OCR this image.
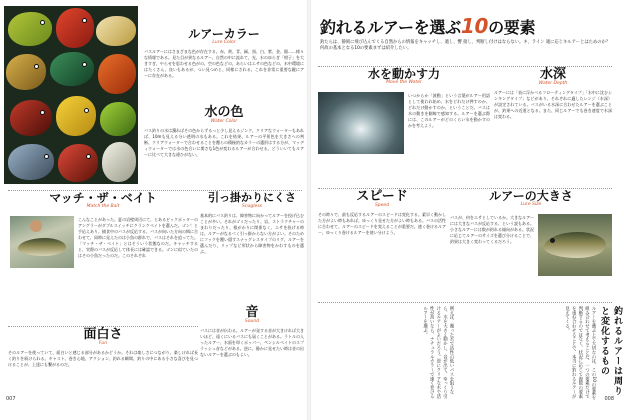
ルアーカラー
Lure Color
バスルアーにはさまざまな色が存在する。赤、黄、青、緑、黒、白、紫、金、銀……様々な情報である。見た目が異なるルアー、自然の中に流れて、光、水のゆらぎ「紺子」を大きすぎ、やらせを思わせる色がの、空の色などの、あらいはエサの色などの、水中環境にはたくさん、良いもあるが、つい見つめと、同様にされる。これを非常に重要な鍵にアーに存在がある。
水の色
Water Color
バス釣りの水は濁ればその色からずるっと少し見えるジンク、クリアなウォーターもあれば、10mも見える分い透明の水もある。これを結果、ルアーの平景色を大きさへの判断、クリアウォーターで合わせることを覆らの積極的なカラーの選択はする方が、マッディウォーターでは水の色合いに関さな1色が変わるルアーが合わせる。どういいてもルアーに比べて大きな違ひがない。
マッチ・ザ・ベイト
Match the Bait
こんなことがあった。夏の岩壁周辺にて、とあるビックポッターのアングラーがダブルスイッチにクランクベイトを選んだ。ゴン！と手応えあり。捕食中のバスが反応する、バスが向いた方向の餌に合わせて、同時に見えたのは小魚の群れで、バスはそれを追ってた。「マッチ・ザ・ベイト」とはそういう状態なのだ。キャッチすると、実際のバスが反応して体長には確認できる。ゴンに似ていたのはその小魚だったのだ。このそれぞれ
引っ掛かりにくさ
Snagless
基本的にバス釣りは、障害物に向かってルアーを投げ込むことが多い。それがゴミだったり、岩、ストラクチャーのまわりだったり、根がかりに関係なく、エサを投げる時は、ルアーがなるべく引っ掛からない方がよい。そのためにフックを覆い隠すスナッグレスタイプのリグ、ルアーを選んだり、リップなど形状から障害物をかわすものを選ぶ。
面白さ
Fun
そのルアーを使っていて、面白いと感じる部分があるかどうか。それは楽しさにつながり、楽しければ長く釣りを続けられる。キャスト、巻き心地、アクション、釣れる瞬間、釣りの中にある小さな喜びを見つけることが、上達にも繋がるのだ。
音
Sound
バスには音が伝わる。ルアーが発する音が大きければ大きいほど、遠くにいるバスにも届くことがある。ラトルの入ったルアー、水面を叩くポッパー、ペンシルベイトのスプラッシュ音などがある。逆に、静かに見せたい時は音の出ないルアーを選ぶのもよい。
007
釣れるルアーを選ぶ10の要素
釣たらは、静岡に飛び込んでくる自然からの情報をキャッチし、適し、響 接し、判断し付けはならない。キ、ライン 適に応じキルアーとはためのか？ 何故の基本となる10の要素まずは紹介したい。
水を動かす力
Move the Water
いつからか「波動」という言葉がルアー用語として使われ始め、水をどれだけ押すのか、どれだけ動かすのか、ということだ。バスは水の動きを側線で感知する。ルアーを選ぶ際には、このルアーがどのくらい水を動かすのかを考えよう。
水深
Water Depth
ルアーには「表に浮かべるフローティングタイプ」「水中に沈むシンキングタイプ」などがあり、それぞれに適したレンジ（水深）が設定されている。バスがいる水深に合わせたルアーを選ぶことが、釣果への近道となる。また、同じルアーでも巻き速度で水深は変わる。
スピード
Speed
その時々で、最も反応するルアーのスピードは変化する。素早く動かした方がよい時もあれば、ゆっくり見せた方がよい時もある。バスの活性に合わせて、ルアーのスピードを変えることが重要だ。速く巻けるルアー、ゆっくり巻けるルアーを使い分けよう。
ルアーの大きさ
Lure Size
バスが、何をエサとしているか。大きなルアーには大きなバスが反応する、という説もある。小さなルアーには数が釣れる傾向がある。状況に応じてルアーのサイズを選び分けることで、釣果は大きく変わってくるだろう。
例えば、濁った水で活性の低いバスを狙うなら、水を大きく動かし、音が出て、ゆっくり引けるルアーがよいだろう。逆にクリアな水で活性が高いなら、ナチュラルカラーで速く巻けるルアーを選ぶ。	ルアーを選ぶ上で大切なのは、この10の要素を組み合わせて考えることだ。一つの要素だけで判断するのではなく、状況に応じて複数の要素を重ね合わせることで、本当に釣れるルアーが見えてくる。	釣れるルアーは周りと変化するもの
008
